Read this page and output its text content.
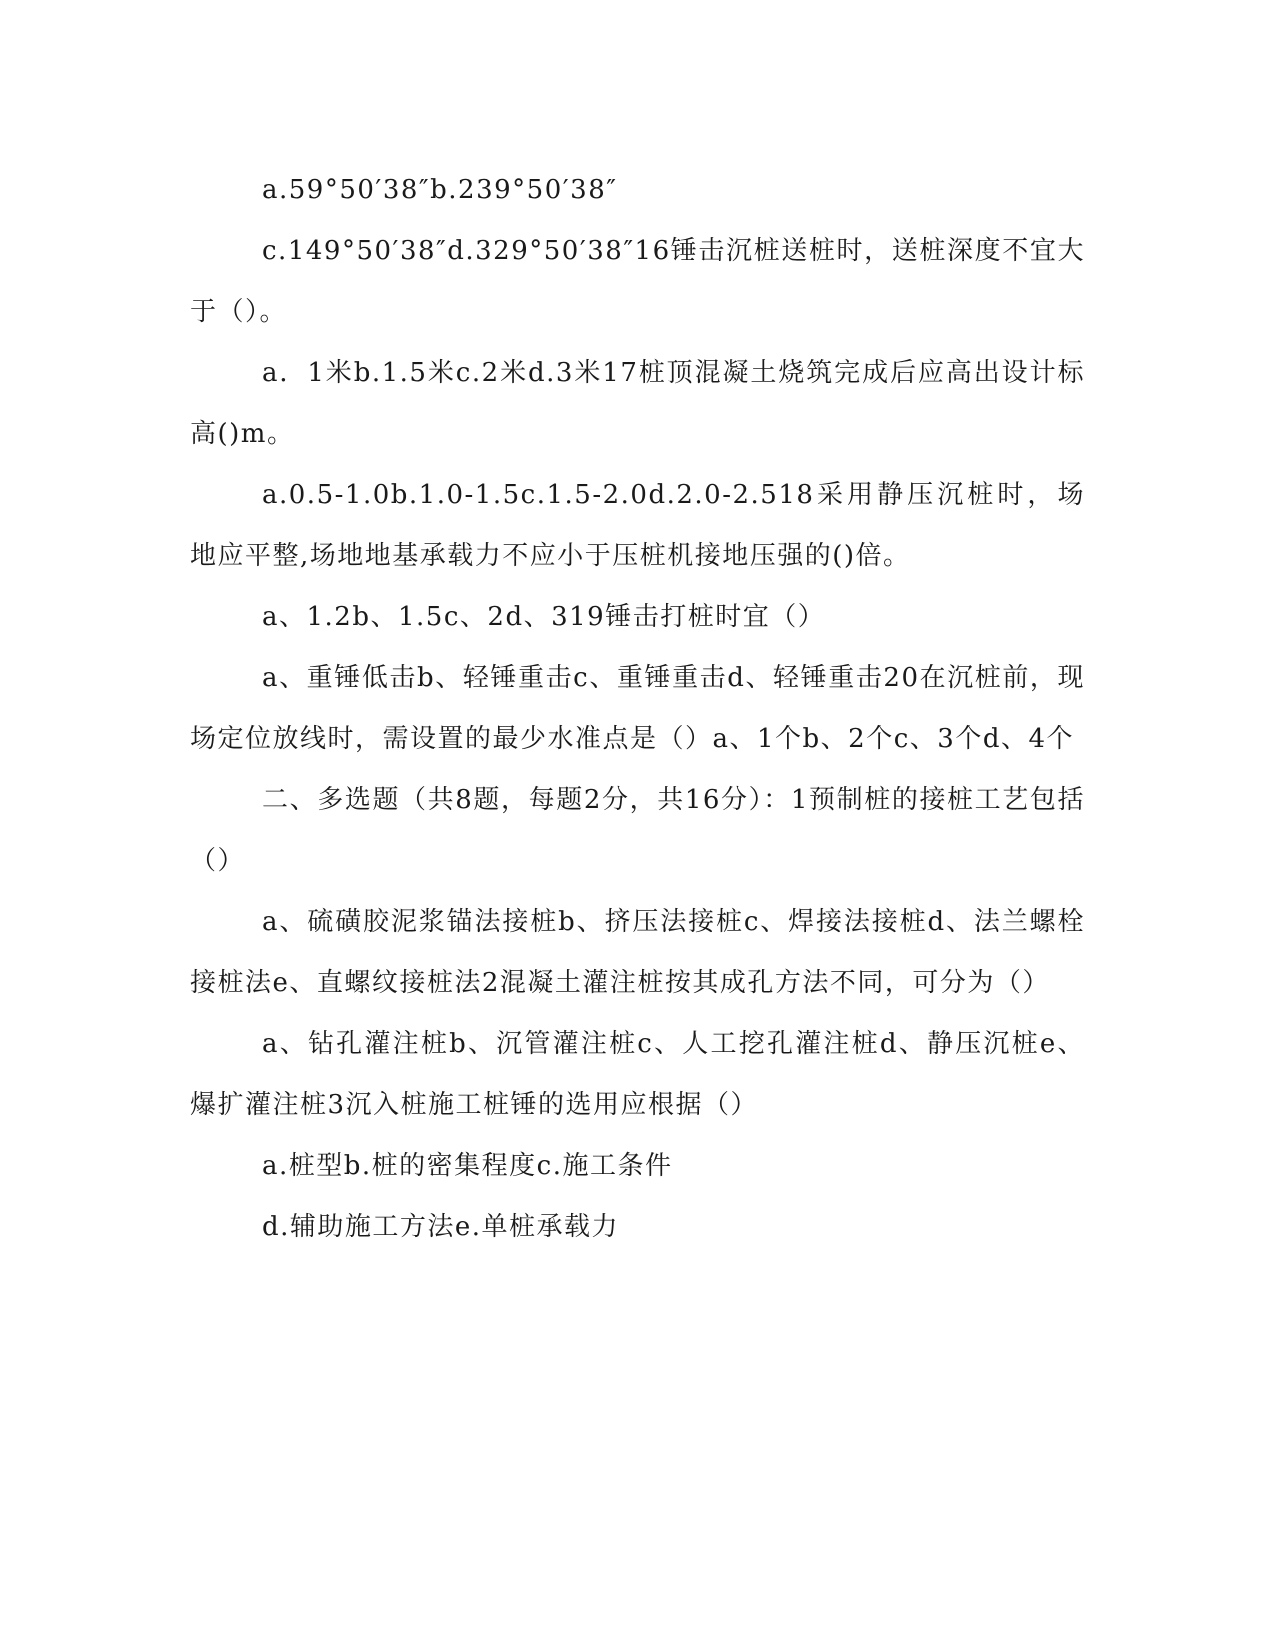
a.59°50′38″b.239°50′38″

c.149°50′38″d.329°50′38″16锤击沉桩送桩时，送桩深度不宜大于（）。

a．1米b.1.5米c.2米d.3米17桩顶混凝土烧筑完成后应高出设计标高()m。

a.0.5-1.0b.1.0-1.5c.1.5-2.0d.2.0-2.518采用静压沉桩时，场地应平整,场地地基承载力不应小于压桩机接地压强的()倍。

a、1.2b、1.5c、2d、319锤击打桩时宜（）

a、重锤低击b、轻锤重击c、重锤重击d、轻锤重击20在沉桩前，现场定位放线时，需设置的最少水准点是（）a、1个b、2个c、3个d、4个

二、多选题（共8题，每题2分，共16分）：1预制桩的接桩工艺包括（）

a、硫磺胶泥浆锚法接桩b、挤压法接桩c、焊接法接桩d、法兰螺栓接桩法e、直螺纹接桩法2混凝土灌注桩按其成孔方法不同，可分为（）

a、钻孔灌注桩b、沉管灌注桩c、人工挖孔灌注桩d、静压沉桩e、爆扩灌注桩3沉入桩施工桩锤的选用应根据（）

a.桩型b.桩的密集程度c.施工条件

d.辅助施工方法e.单桩承载力
